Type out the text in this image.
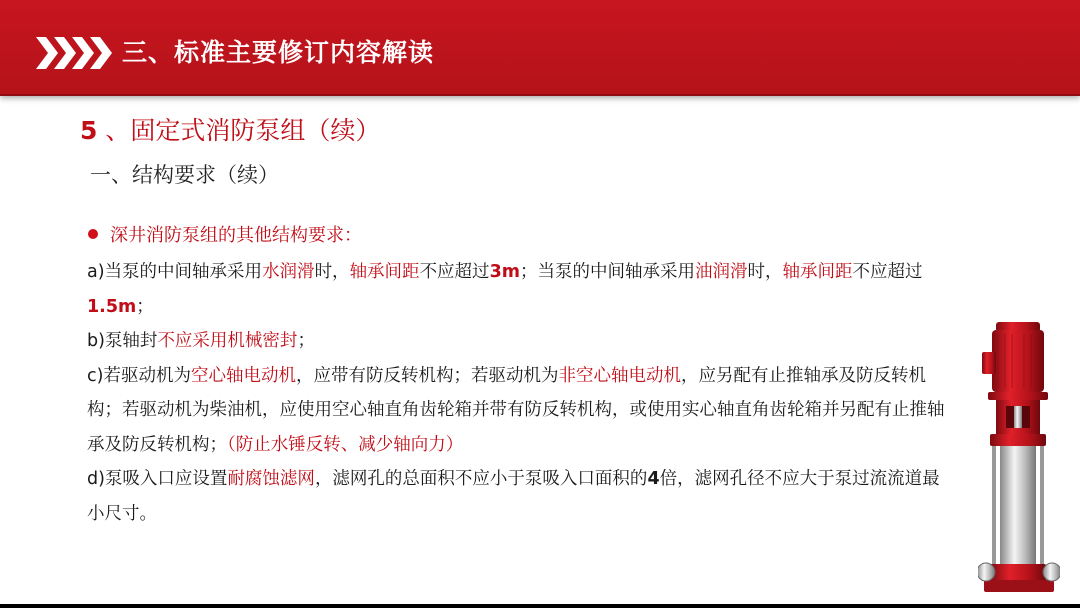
三、标准主要修订内容解读
5 、固定式消防泵组（续）
一、结构要求（续）
深井消防泵组的其他结构要求：

a)当泵的中间轴承采用水润滑时，轴承间距不应超过3m；当泵的中间轴承采用油润滑时，轴承间距不应超过1.5m；

b)泵轴封不应采用机械密封；

c)若驱动机为空心轴电动机，应带有防反转机构；若驱动机为非空心轴电动机，应另配有止推轴承及防反转机构；若驱动机为柴油机，应使用空心轴直角齿轮箱并带有防反转机构，或使用实心轴直角齿轮箱并另配有止推轴承及防反转机构；（防止水锤反转、减少轴向力）

d)泵吸入口应设置耐腐蚀滤网，滤网孔的总面积不应小于泵吸入口面积的4倍，滤网孔径不应大于泵过流流道最小尺寸。
